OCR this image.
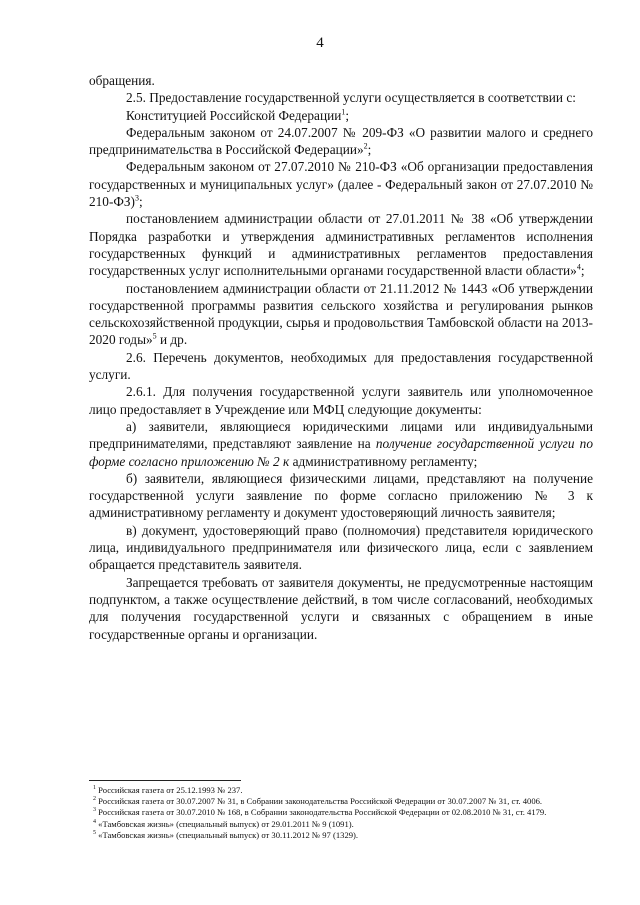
4

обращения.

2.5. Предоставление государственной услуги осуществляется в соответствии с:

Конституцией Российской Федерации$^1$;

Федеральным законом от 24.07.2007 № 209-ФЗ «О развитии малого и среднего предпринимательства в Российской Федерации»$^2$;

Федеральным законом от 27.07.2010 № 210-ФЗ «Об организации предоставления государственных и муниципальных услуг» (далее - Федеральный закон от 27.07.2010 № 210-ФЗ)$^3$;

постановлением администрации области от 27.01.2011 № 38 «Об утверждении Порядка разработки и утверждения административных регламентов исполнения государственных функций и административных регламентов предоставления государственных услуг исполнительными органами государственной власти области»$^4$;

постановлением администрации области от 21.11.2012 № 1443 «Об утверждении государственной программы развития сельского хозяйства и регулирования рынков сельскохозяйственной продукции, сырья и продовольствия Тамбовской области на 2013-2020 годы»$^5$ и др.

2.6. Перечень документов, необходимых для предоставления государственной услуги.

2.6.1. Для получения государственной услуги заявитель или уполномоченное лицо предоставляет в Учреждение или МФЦ следующие документы:

а) заявители, являющиеся юридическими лицами или индивидуальными предпринимателями, представляют заявление на получение государственной услуги по форме согласно приложению № 2 к административному регламенту;

б) заявители, являющиеся физическими лицами, представляют на получение государственной услуги заявление по форме согласно приложению № 3 к административному регламенту и документ удостоверяющий личность заявителя;

в) документ, удостоверяющий право (полномочия) представителя юридического лица, индивидуального предпринимателя или физического лица, если с заявлением обращается представитель заявителя.

Запрещается требовать от заявителя документы, не предусмотренные настоящим подпунктом, а также осуществление действий, в том числе согласований, необходимых для получения государственной услуги и связанных с обращением в иные государственные органы и организации.

$^1$ Российская газета от 25.12.1993 № 237.

$^2$ Российская газета от 30.07.2007 № 31, в Собрании законодательства Российской Федерации от 30.07.2007 № 31, ст. 4006.

$^3$ Российская газета от 30.07.2010 № 168, в Собрании законодательства Российской Федерации от 02.08.2010 № 31, ст. 4179.

$^4$ «Тамбовская жизнь» (специальный выпуск) от 29.01.2011 № 9 (1091).

$^5$ «Тамбовская жизнь» (специальный выпуск) от 30.11.2012 № 97 (1329).
